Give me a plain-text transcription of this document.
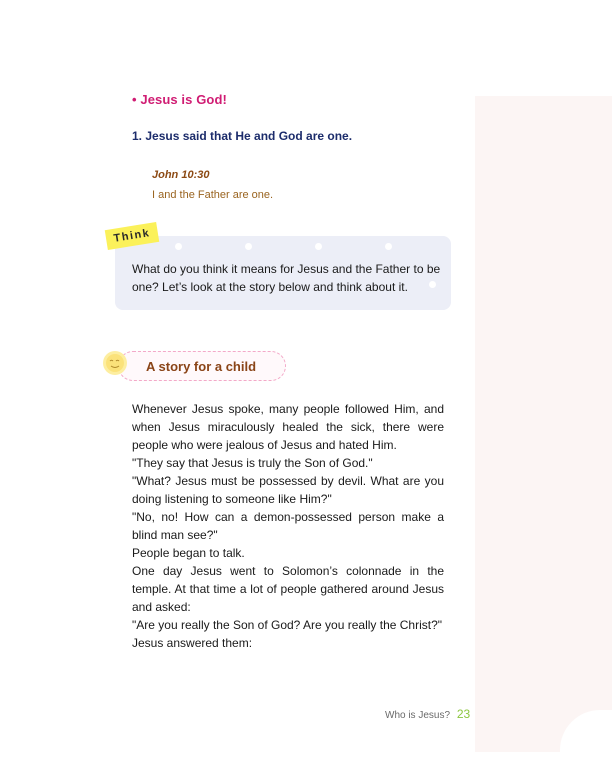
• Jesus is God!
1. Jesus said that He and God are one.
John 10:30
I and the Father are one.
Think
What do you think it means for Jesus and the Father to be one? Let’s look at the story below and think about it.
A story for a child

Whenever Jesus spoke, many people followed Him, and when Jesus miraculously healed the sick, there were people who were jealous of Jesus and hated Him.

"They say that Jesus is truly the Son of God."

"What? Jesus must be possessed by devil. What are you doing listening to someone like Him?"

"No, no! How can a demon-possessed person make a blind man see?"

People began to talk.

One day Jesus went to Solomon’s colonnade in the temple. At that time a lot of people gathered around Jesus and asked:

"Are you really the Son of God? Are you really the Christ?"

Jesus answered them:

Who is Jesus? 23
